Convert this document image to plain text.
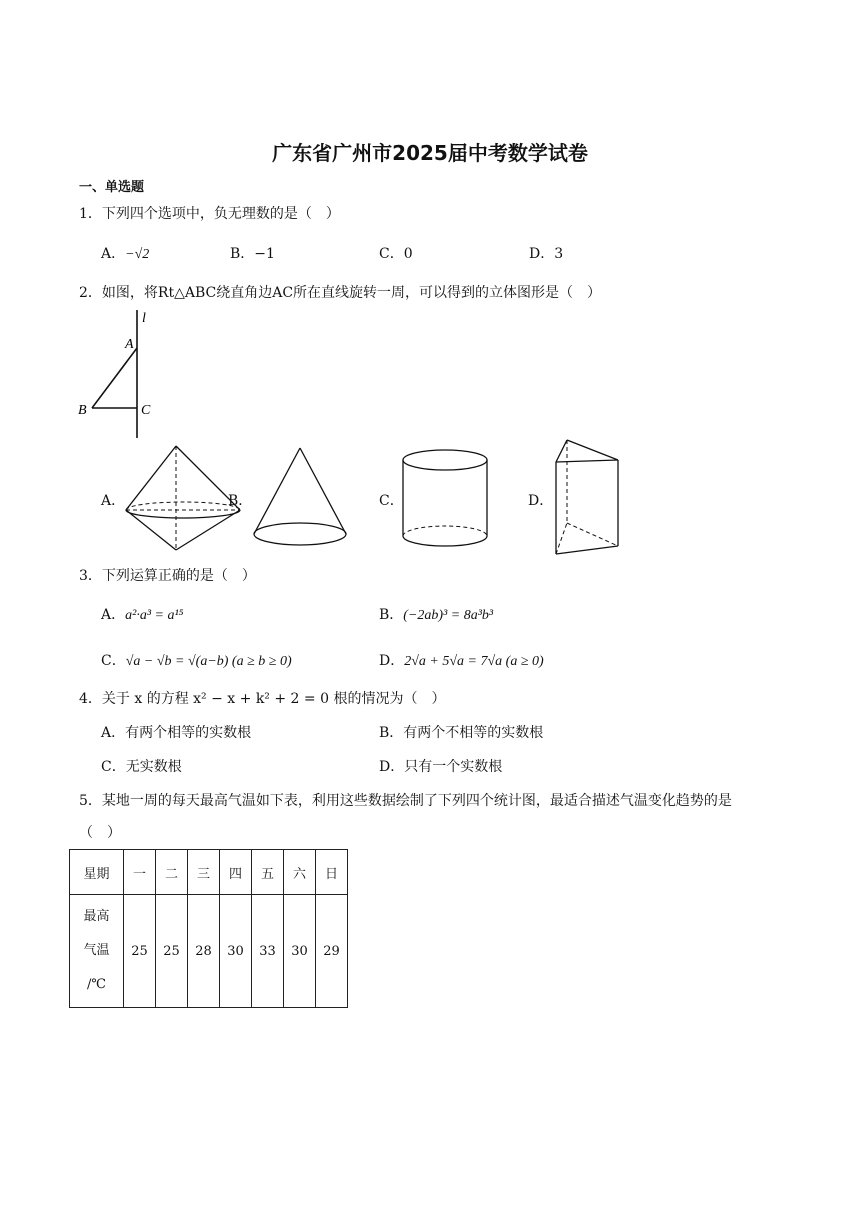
广东省广州市2025届中考数学试卷
一、单选题
1．下列四个选项中，负无理数的是（　）
A．−√2	B．−1	C．0	D．3
2．如图，将Rt△ABC绕直角边AC所在直线旋转一周，可以得到的立体图形是（　）
l
A
B	C
A．	B．	C．	D．
3．下列运算正确的是（　）
A．a²·a³ = a¹⁵	B．(−2ab)³ = 8a³b³
C．√a − √b = √(a−b) (a ≥ b ≥ 0)	D．2√a + 5√a = 7√a (a ≥ 0)
4．关于 x 的方程 x² − x + k² + 2 = 0 根的情况为（　）
A．有两个相等的实数根	B．有两个不相等的实数根
C．无实数根	D．只有一个实数根
5．某地一周的每天最高气温如下表，利用这些数据绘制了下列四个统计图，最适合描述气温变化趋势的是
（　）
星期	一	二	三	四	五	六	日

最高
气温
/℃	25	25	28	30	33	30	29
